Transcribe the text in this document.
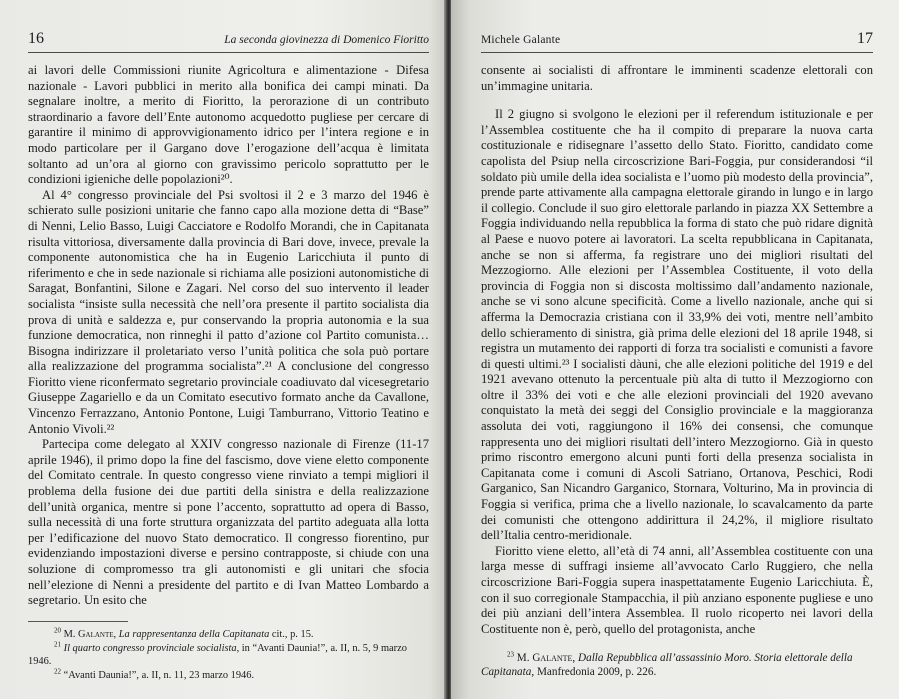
16	La seconda giovinezza di Domenico Fioritto

ai lavori delle Commissioni riunite Agricoltura e alimentazione - Difesa nazionale - Lavori pubblici in merito alla bonifica dei campi minati. Da segnalare inoltre, a merito di Fioritto, la perorazione di un contributo straordinario a favore dell’Ente autonomo acquedotto pugliese per cercare di garantire il minimo di approvvigionamento idrico per l’intera regione e in modo particolare per il Gargano dove l’erogazione dell’acqua è limitata soltanto ad un’ora al giorno con gravissimo pericolo soprattutto per le condizioni igieniche delle popolazioni²⁰.

Al 4° congresso provinciale del Psi svoltosi il 2 e 3 marzo del 1946 è schierato sulle posizioni unitarie che fanno capo alla mozione detta di “Base” di Nenni, Lelio Basso, Luigi Cacciatore e Rodolfo Morandi, che in Capitanata risulta vittoriosa, diversamente dalla provincia di Bari dove, invece, prevale la componente autonomistica che ha in Eugenio Laricchiuta il punto di riferimento e che in sede nazionale si richiama alle posizioni autonomistiche di Saragat, Bonfantini, Silone e Zagari. Nel corso del suo intervento il leader socialista “insiste sulla necessità che nell’ora presente il partito socialista dia prova di unità e saldezza e, pur conservando la propria autonomia e la sua funzione democratica, non rinneghi il patto d’azione col Partito comunista… Bisogna indirizzare il proletariato verso l’unità politica che sola può portare alla realizzazione del programma socialista”.²¹ A conclusione del congresso Fioritto viene riconfermato segretario provinciale coadiuvato dal vicesegretario Giuseppe Zagariello e da un Comitato esecutivo formato anche da Cavallone, Vincenzo Ferrazzano, Antonio Pontone, Luigi Tamburrano, Vittorio Teatino e Antonio Vivoli.²²

Partecipa come delegato al XXIV congresso nazionale di Firenze (11-17 aprile 1946), il primo dopo la fine del fascismo, dove viene eletto componente del Comitato centrale. In questo congresso viene rinviato a tempi migliori il problema della fusione dei due partiti della sinistra e della realizzazione dell’unità organica, mentre si pone l’accento, soprattutto ad opera di Basso, sulla necessità di una forte struttura organizzata del partito adeguata alla lotta per l’edificazione del nuovo Stato democratico. Il congresso fiorentino, pur evidenziando impostazioni diverse e persino contrapposte, si chiude con una soluzione di compromesso tra gli autonomisti e gli unitari che sfocia nell’elezione di Nenni a presidente del partito e di Ivan Matteo Lombardo a segretario. Un esito che

$^{20}$ M. Galante, La rappresentanza della Capitanata cit., p. 15.

$^{21}$ Il quarto congresso provinciale socialista, in “Avanti Daunia!”, a. II, n. 5, 9 marzo 1946.

$^{22}$ “Avanti Daunia!”, a. II, n. 11, 23 marzo 1946.

Michele Galante	17

consente ai socialisti di affrontare le imminenti scadenze elettorali con un’immagine unitaria.

Il 2 giugno si svolgono le elezioni per il referendum istituzionale e per l’Assemblea costituente che ha il compito di preparare la nuova carta costituzionale e ridisegnare l’assetto dello Stato. Fioritto, candidato come capolista del Psiup nella circoscrizione Bari-Foggia, pur considerandosi “il soldato più umile della idea socialista e l’uomo più modesto della provincia”, prende parte attivamente alla campagna elettorale girando in lungo e in largo il collegio. Conclude il suo giro elettorale parlando in piazza XX Settembre a Foggia individuando nella repubblica la forma di stato che può ridare dignità al Paese e nuovo potere ai lavoratori. La scelta repubblicana in Capitanata, anche se non si afferma, fa registrare uno dei migliori risultati del Mezzogiorno. Alle elezioni per l’Assemblea Costituente, il voto della provincia di Foggia non si discosta moltissimo dall’andamento nazionale, anche se vi sono alcune specificità. Come a livello nazionale, anche qui si afferma la Democrazia cristiana con il 33,9% dei voti, mentre nell’ambito dello schieramento di sinistra, già prima delle elezioni del 18 aprile 1948, si registra un mutamento dei rapporti di forza tra socialisti e comunisti a favore di questi ultimi.²³ I socialisti dàuni, che alle elezioni politiche del 1919 e del 1921 avevano ottenuto la percentuale più alta di tutto il Mezzogiorno con oltre il 33% dei voti e che alle elezioni provinciali del 1920 avevano conquistato la metà dei seggi del Consiglio provinciale e la maggioranza assoluta dei voti, raggiungono il 16% dei consensi, che comunque rappresenta uno dei migliori risultati dell’intero Mezzogiorno. Già in questo primo riscontro emergono alcuni punti forti della presenza socialista in Capitanata come i comuni di Ascoli Satriano, Ortanova, Peschici, Rodi Garganico, San Nicandro Garganico, Stornara, Volturino, Ma in provincia di Foggia si verifica, prima che a livello nazionale, lo scavalcamento da parte dei comunisti che ottengono addirittura il 24,2%, il migliore risultato dell’Italia centro-meridionale.

Fioritto viene eletto, all’età di 74 anni, all’Assemblea costituente con una larga messe di suffragi insieme all’avvocato Carlo Ruggiero, che nella circoscrizione Bari-Foggia supera inaspettatamente Eugenio Laricchiuta. È, con il suo corregionale Stampacchia, il più anziano esponente pugliese e uno dei più anziani dell’intera Assemblea. Il ruolo ricoperto nei lavori della Costituente non è, però, quello del protagonista, anche

$^{23}$ M. Galante, Dalla Repubblica all’assassinio Moro. Storia elettorale della Capitanata, Manfredonia 2009, p. 226.
